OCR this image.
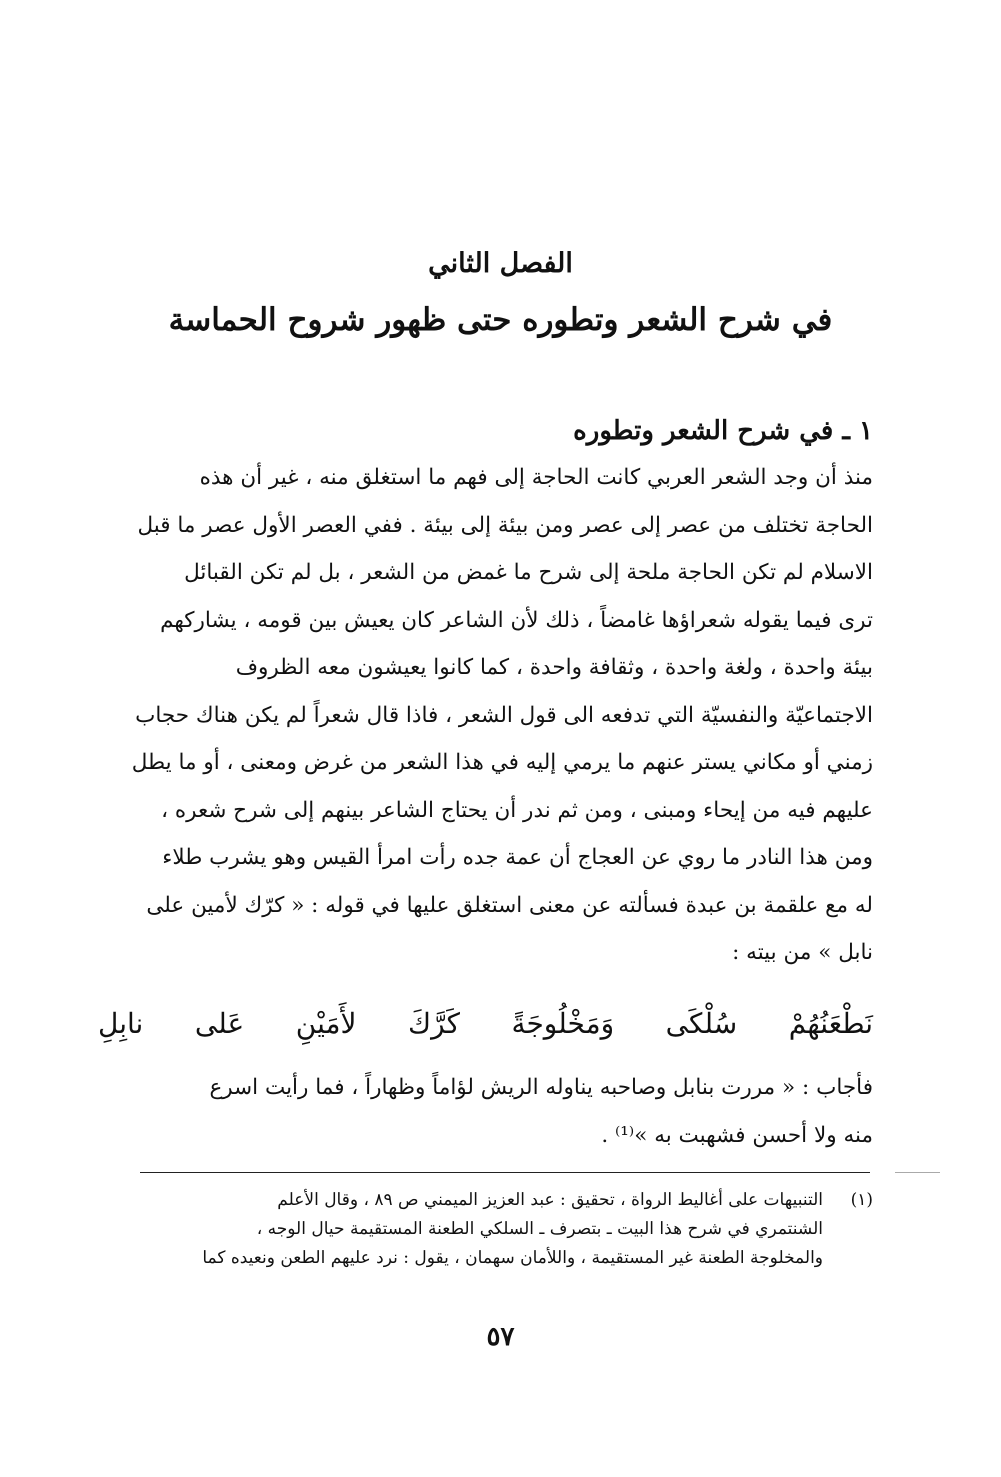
الفصل الثاني
في شرح الشعر وتطوره حتى ظهور شروح الحماسة
١ ـ في شرح الشعر وتطوره
منذ أن وجد الشعر العربي كانت الحاجة إلى فهم ما استغلق منه ، غير أن هذه
الحاجة تختلف من عصر إلى عصر ومن بيئة إلى بيئة . ففي العصر الأول عصر ما قبل
الاسلام لم تكن الحاجة ملحة إلى شرح ما غمض من الشعر ، بل لم تكن القبائل
ترى فيما يقوله شعراؤها غامضاً ، ذلك لأن الشاعر كان يعيش بين قومه ، يشاركهم
بيئة واحدة ، ولغة واحدة ، وثقافة واحدة ، كما كانوا يعيشون معه الظروف
الاجتماعيّة والنفسيّة التي تدفعه الى قول الشعر ، فاذا قال شعراً لم يكن هناك حجاب
زمني أو مكاني يستر عنهم ما يرمي إليه في هذا الشعر من غرض ومعنى ، أو ما يطل
عليهم فيه من إيحاء ومبنى ، ومن ثم ندر أن يحتاج الشاعر بينهم إلى شرح شعره ،
ومن هذا النادر ما روي عن العجاج أن عمة جده رأت امرأ القيس وهو يشرب طلاء
له مع علقمة بن عبدة فسألته عن معنى استغلق عليها في قوله : « كرّك لأمين على
نابل » من بيته :
نَطْعَنُهُمْ
سُلْكَى
وَمَخْلُوجَةً
كَرَّكَ
لأَمَيْنِ
عَلى
نابِلِ
فأجاب : « مررت بنابل وصاحبه يناوله الريش لؤاماً وظهاراً ، فما رأيت اسرع
منه ولا أحسن فشهبت به »⁽¹⁾ .
(١)
التنبيهات على أغاليط الرواة ، تحقيق : عبد العزيز الميمني ص ٨٩ ، وقال الأعلم
الشنتمري في شرح هذا البيت ـ بتصرف ـ السلكي الطعنة المستقيمة حيال الوجه ،
والمخلوجة الطعنة غير المستقيمة ، واللأمان سهمان ، يقول : نرد عليهم الطعن ونعيده كما
٥٧
